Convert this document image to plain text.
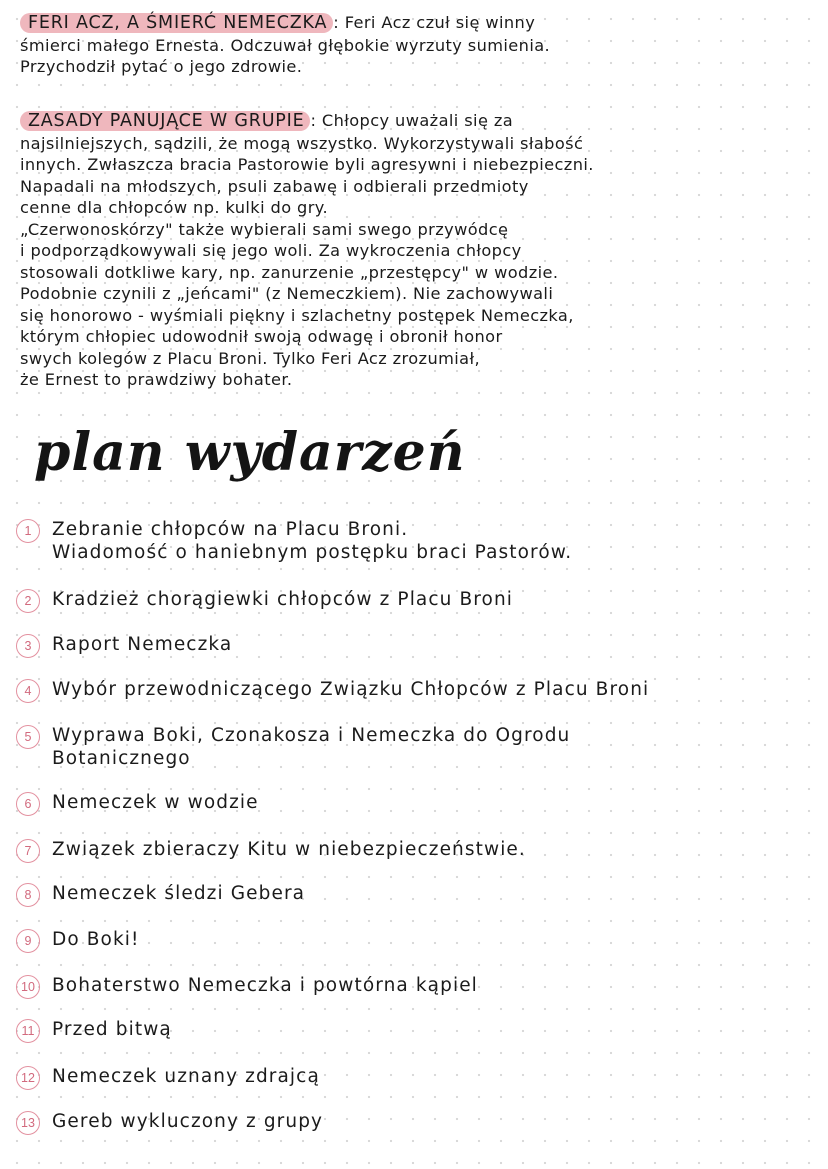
FERI ACZ, A ŚMIERĆ NEMECZKA : Feri Acz czuł się winny
śmierci małego Ernesta. Odczuwał głębokie wyrzuty sumienia.
Przychodził pytać o jego zdrowie.

ZASADY PANUJĄCE W GRUPIE : Chłopcy uważali się za
najsilniejszych, sądzili, że mogą wszystko. Wykorzystywali słabość
innych. Zwłaszcza bracia Pastorowie byli agresywni i niebezpieczni.
Napadali na młodszych, psuli zabawę i odbierali przedmioty
cenne dla chłopców np. kulki do gry.
„Czerwonoskórzy" także wybierali sami swego przywódcę
i podporządkowywali się jego woli. Za wykroczenia chłopcy
stosowali dotkliwe kary, np. zanurzenie „przestępcy" w wodzie.
Podobnie czynili z „jeńcami" (z Nemeczkiem). Nie zachowywali
się honorowo - wyśmiali piękny i szlachetny postępek Nemeczka,
którym chłopiec udowodnił swoją odwagę i obronił honor
swych kolegów z Placu Broni. Tylko Feri Acz zrozumiał,
że Ernest to prawdziwy bohater.

plan wydarzeń
1	Zebranie chłopców na Placu Broni.
Wiadomość o haniebnym postępku braci Pastorów.
2	Kradzież chorągiewki chłopców z Placu Broni
3	Raport Nemeczka
4	Wybór przewodniczącego Związku Chłopców z Placu Broni
5	Wyprawa Boki, Czonakosza i Nemeczka do Ogrodu
Botanicznego
6	Nemeczek w wodzie
7	Związek zbieraczy Kitu w niebezpieczeństwie.
8	Nemeczek śledzi Gebera
9	Do Boki!
10 Bohaterstwo Nemeczka i powtórna kąpiel
11 Przed bitwą
12 Nemeczek uznany zdrajcą
13 Gereb wykluczony z grupy
